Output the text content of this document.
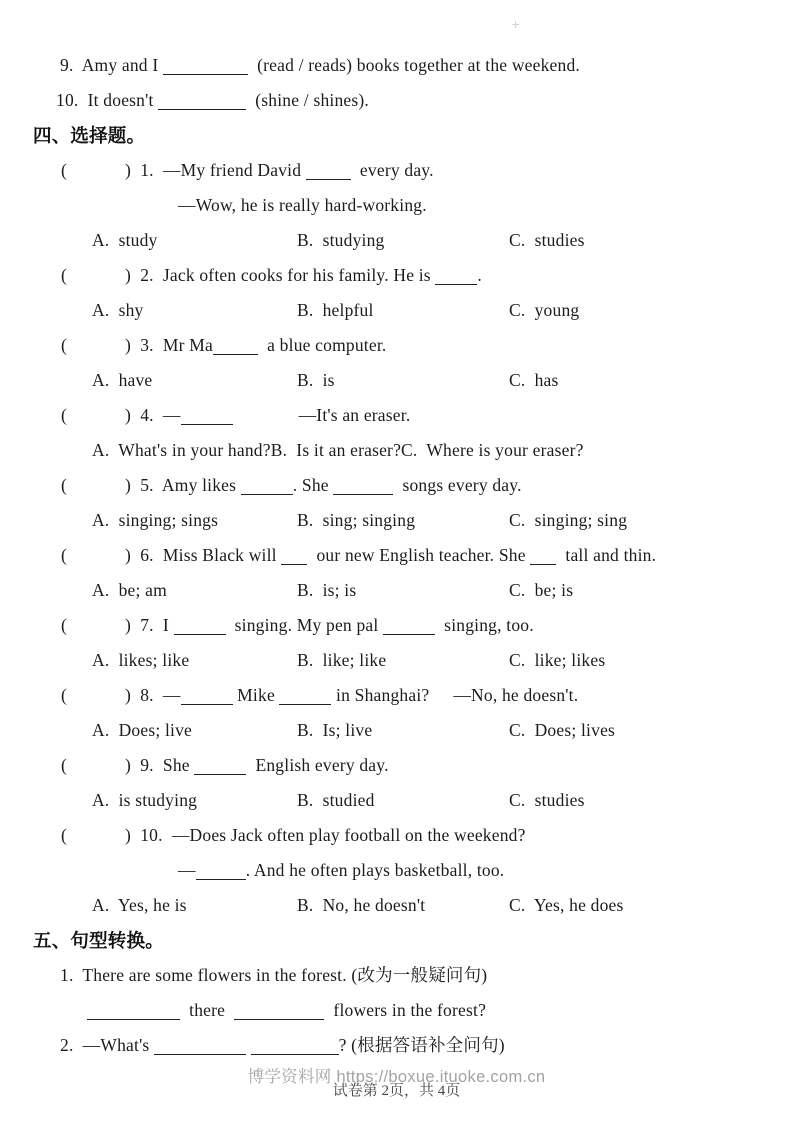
+
9.  Amy and I	(read / reads) books together at the weekend.
10.  It doesn't	(shine / shines).
四、选择题。
(	)  1.  —My friend David	every day.
—Wow, he is really hard-working.
A.  study	B.  studying	C.  studies
(	)  2.  Jack often cooks for his family. He is .
A.  shy	B.  helpful	C.  young
(	)  3.  Mr Ma	a blue computer.
A.  have	B.  is	C.  has
(	)  4.  —	—It's an eraser.
A.  What's in your hand?B.  Is it an eraser?C.  Where is your eraser?
(	)  5.  Amy likes	. She	songs every day.
A.  singing; sings	B.  sing; singing	C.  singing; sing
(	)  6.  Miss Black will   our new English teacher. She   tall and thin.
A.  be; am	B.  is; is	C.  be; is
(	)  7.  I	singing. My pen pal	singing, too.
A.  likes; like	B.  like; like	C.  like; likes
(	)  8.  —	Mike	in Shanghai? —No, he doesn't.
A.  Does; live	B.  Is; live	C.  Does; lives
(	)  9.  She	English every day.
A.  is studying	B.  studied	C.  studies
(	)  10.  —Does Jack often play football on the weekend?
—	. And he often plays basketball, too.
A.  Yes, he is	B.  No, he doesn't	C.  Yes, he does
五、句型转换。
1.  There are some flowers in the forest. (改为一般疑问句)
there	flowers in the forest?
2.  —What's	? (根据答语补全问句)
博学资料网 https://boxue.ituoke.com.cn
试卷第 2页，共 4页
